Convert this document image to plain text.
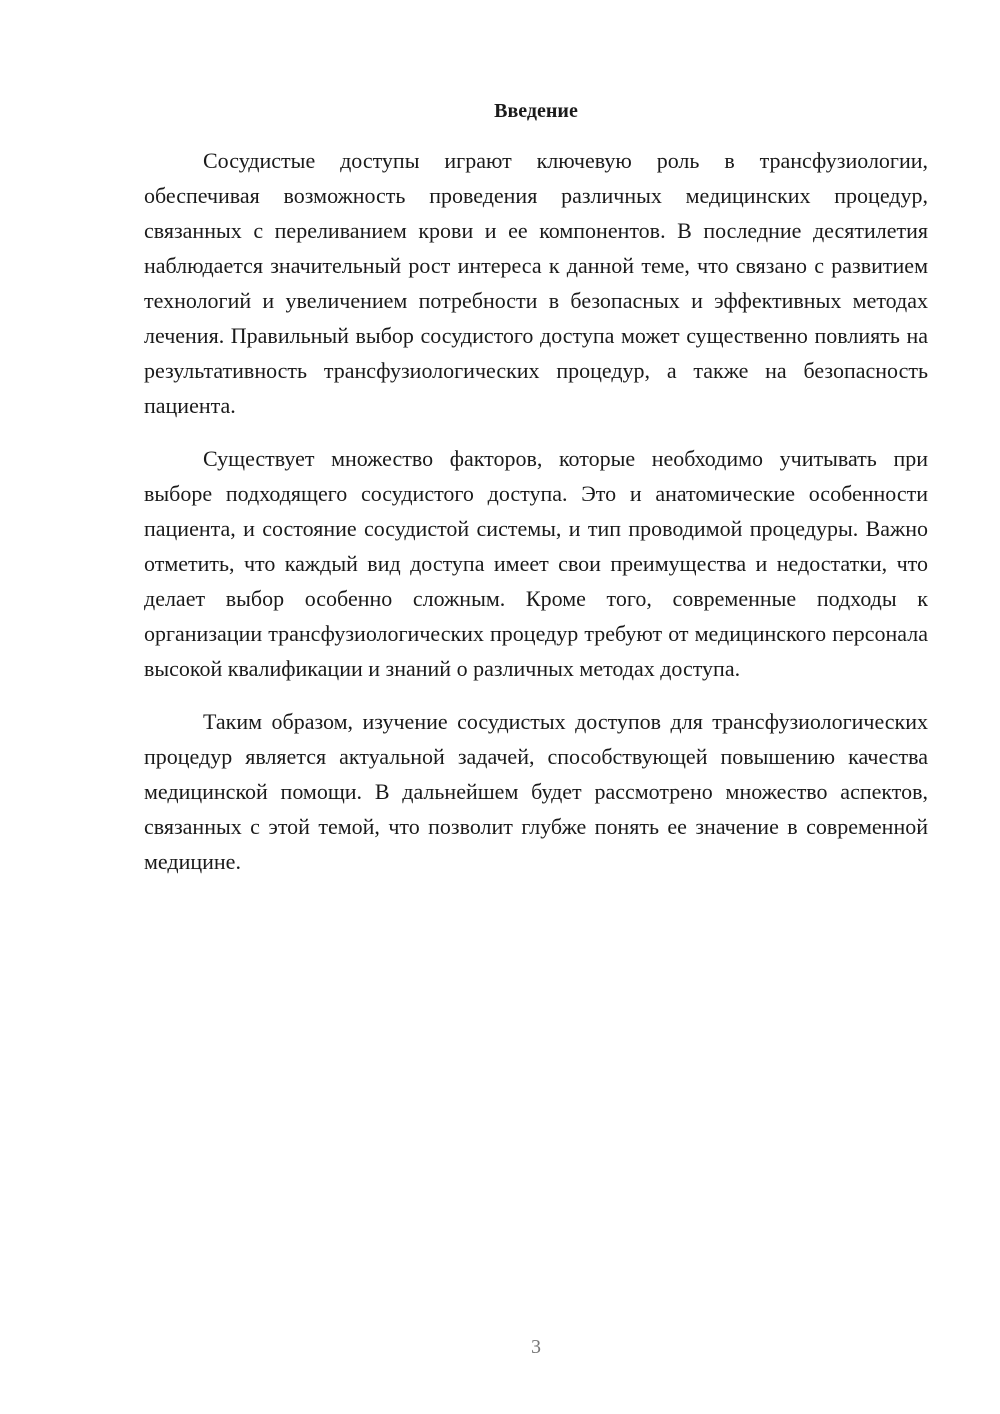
Введение

Сосудистые доступы играют ключевую роль в трансфузиологии, обеспечивая возможность проведения различных медицинских процедур, связанных с переливанием крови и ее компонентов. В последние десятилетия наблюдается значительный рост интереса к данной теме, что связано с развитием технологий и увеличением потребности в безопасных и эффективных методах лечения. Правильный выбор сосудистого доступа может существенно повлиять на результативность трансфузиологических процедур, а также на безопасность пациента.

Существует множество факторов, которые необходимо учитывать при выборе подходящего сосудистого доступа. Это и анатомические особенности пациента, и состояние сосудистой системы, и тип проводимой процедуры. Важно отметить, что каждый вид доступа имеет свои преимущества и недостатки, что делает выбор особенно сложным. Кроме того, современные подходы к организации трансфузиологических процедур требуют от медицинского персонала высокой квалификации и знаний о различных методах доступа.

Таким образом, изучение сосудистых доступов для трансфузиологических процедур является актуальной задачей, способствующей повышению качества медицинской помощи. В дальнейшем будет рассмотрено множество аспектов, связанных с этой темой, что позволит глубже понять ее значение в современной медицине.

3
